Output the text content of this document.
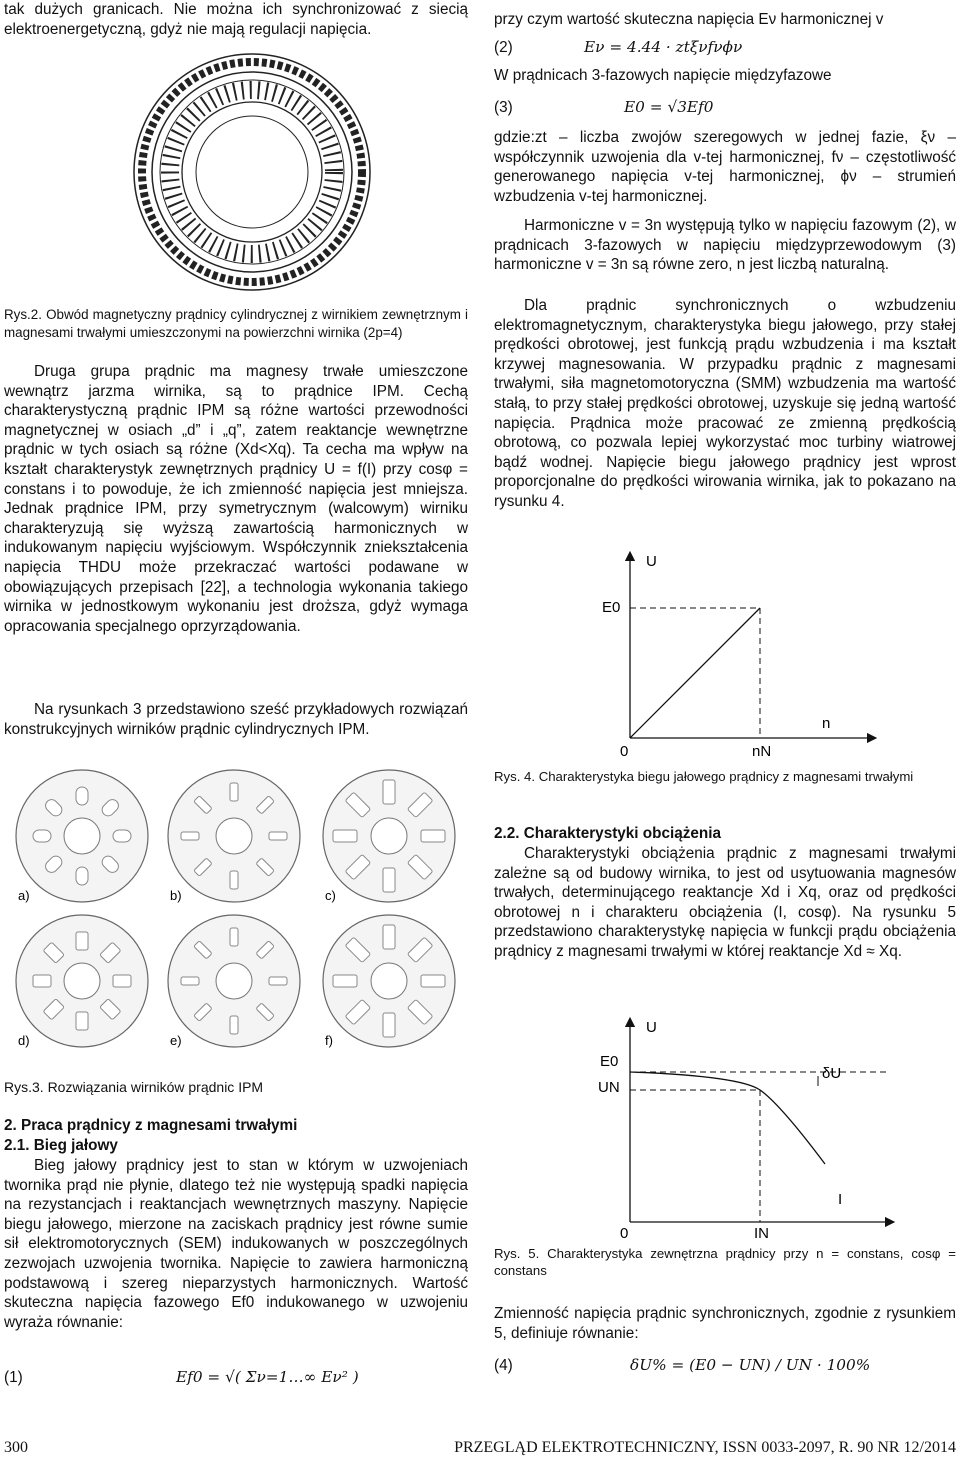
tak dużych granicach. Nie można ich synchronizować z siecią elektroenergetyczną, gdyż nie mają regulacji napięcia.

Rys.2. Obwód magnetyczny prądnicy cylindrycznej z wirnikiem zewnętrznym i magnesami trwałymi umieszczonymi na powierzchni wirnika (2p=4)

Druga grupa prądnic ma magnesy trwałe umieszczone wewnątrz jarzma wirnika, są to prądnice IPM. Cechą charakterystyczną prądnic IPM są różne wartości przewodności magnetycznej w osiach „d” i „q”, zatem reaktancje wewnętrzne prądnic w tych osiach są różne (Xd<Xq). Ta cecha ma wpływ na kształt charakterystyk zewnętrznych prądnicy U = f(I) przy cosφ = constans i to powoduje, że ich zmienność napięcia jest mniejsza. Jednak prądnice IPM, przy symetrycznym (walcowym) wirniku charakteryzują się wyższą zawartością harmonicznych w indukowanym napięciu wyjściowym. Współczynnik zniekształcenia napięcia THDU może przekraczać wartości podawane w obowiązujących przepisach [22], a technologia wykonania takiego wirnika w jednostkowym wykonaniu jest droższa, gdyż wymaga opracowania specjalnego oprzyrządowania.

Na rysunkach 3 przedstawiono sześć przykładowych rozwiązań konstrukcyjnych wirników prądnic cylindrycznych IPM.

a)	b)	c)
d)	e)	f)

Rys.3. Rozwiązania wirników prądnic IPM

2. Praca prądnicy z magnesami trwałymi

2.1. Bieg jałowy

Bieg jałowy prądnicy jest to stan w którym w uzwojeniach twornika prąd nie płynie, dlatego też nie występują spadki napięcia na rezystancjach i reaktancjach wewnętrznych maszyny. Napięcie biegu jałowego, mierzone na zaciskach prądnicy jest równe sumie sił elektromotorycznych (SEM) indukowanych w poszczególnych zezwojach uzwojenia twornika. Napięcie to zawiera harmoniczną podstawową i szereg nieparzystych harmonicznych. Wartość skuteczna napięcia fazowego Ef0 indukowanego w uzwojeniu wyraża równanie:

(1)	Ef0 = √( Σν=1…∞ Eν² )

przy czym wartość skuteczna napięcia Eν harmonicznej v

(2)	Eν = 4.44 · ztξνfνϕν

W prądnicach 3-fazowych napięcie międzyfazowe

(3)	E0 = √3Ef0

gdzie:zt – liczba zwojów szeregowych w jednej fazie, ξν – współczynnik uzwojenia dla v-tej harmonicznej, fν – częstotliwość generowanego napięcia v-tej harmonicznej, ϕν – strumień wzbudzenia v-tej harmonicznej.

Harmoniczne v = 3n występują tylko w napięciu fazowym (2), w prądnicach 3-fazowych w napięciu międzyprzewodowym (3) harmoniczne v = 3n są równe zero, n jest liczbą naturalną.

Dla prądnic synchronicznych o wzbudzeniu elektromagnetycznym, charakterystyka biegu jałowego, przy stałej prędkości obrotowej, jest funkcją prądu wzbudzenia i ma kształt krzywej magnesowania. W przypadku prądnic z magnesami trwałymi, siła magnetomotoryczna (SMM) wzbudzenia ma wartość stałą, to przy stałej prędkości obrotowej, uzyskuje się jedną wartość napięcia. Prądnica może pracować ze zmienną prędkością obrotową, co pozwala lepiej wykorzystać moc turbiny wiatrowej bądź wodnej. Napięcie biegu jałowego prądnicy jest wprost proporcjonalne do prędkości wirowania wirnika, jak to pokazano na rysunku 4.

U
E0
n
0	nN

Rys. 4. Charakterystyka biegu jałowego prądnicy z magnesami trwałymi

2.2. Charakterystyki obciążenia

Charakterystyki obciążenia prądnic z magnesami trwałymi zależne są od budowy wirnika, to jest od usytuowania magnesów trwałych, determinującego reaktancje Xd i Xq, oraz od prędkości obrotowej n i charakteru obciążenia (I, cosφ). Na rysunku 5 przedstawiono charakterystykę napięcia w funkcji prądu obciążenia prądnicy z magnesami trwałymi w której reaktancje Xd ≈ Xq.

U
E0
UN
δU
I
0	IN

Rys. 5. Charakterystyka zewnętrzna prądnicy przy n = constans, cosφ = constans

Zmienność napięcia prądnic synchronicznych, zgodnie z rysunkiem 5, definiuje równanie:

(4)	δU% = (E0 − UN) / UN · 100%
300	PRZEGLĄD ELEKTROTECHNICZNY, ISSN 0033-2097, R. 90 NR 12/2014
